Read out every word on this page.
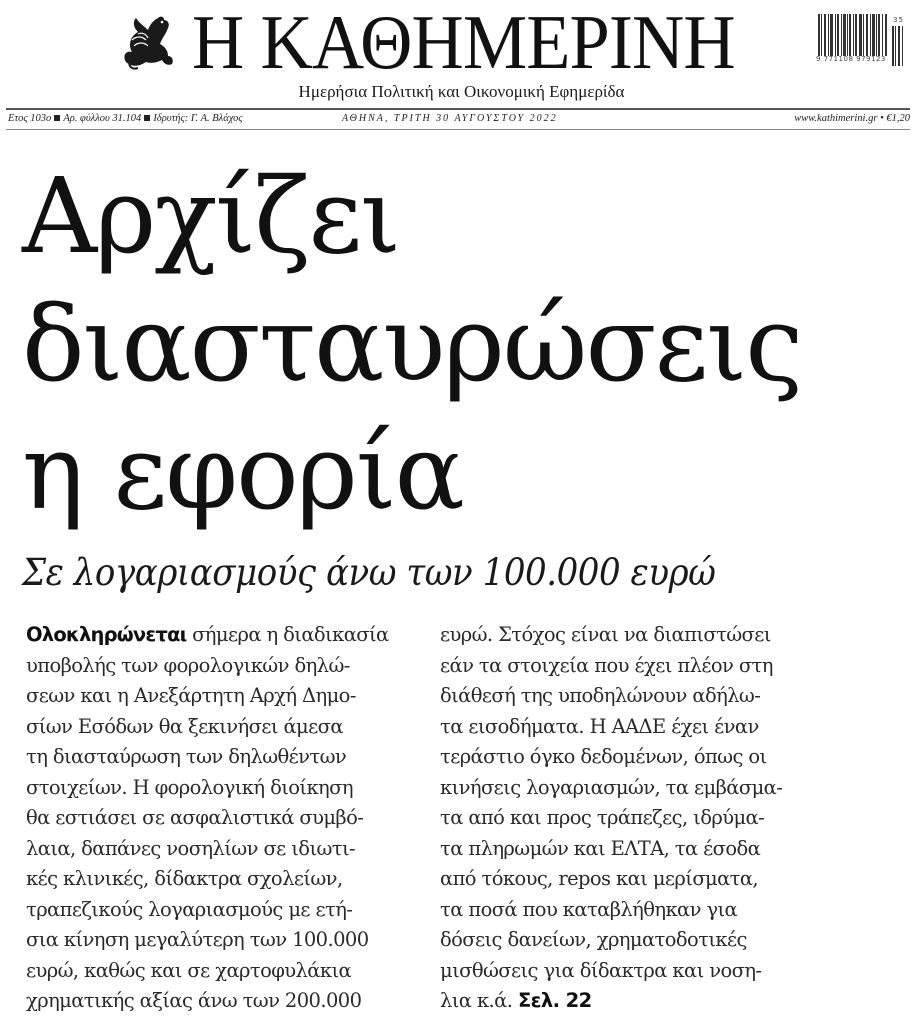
Η ΚΑΘΗΜΕΡΙΝΗ
Ημερήσια Πολιτική και Οικονομική Εφημερίδα
9 771108 979123
35
Ετος 103ο Αρ. φύλλου 31.104 Ιδρυτής: Γ. Α. Βλάχος	ΑΘΗΝΑ, ΤΡΙΤΗ 30 ΑΥΓΟΥΣΤΟΥ 2022	www.kathimerini.gr • €1,20
Αρχίζει
διασταυρώσεις
η εφορία
Σε λογαριασμούς άνω των 100.000 ευρώ
Ολοκληρώνεται σήμερα η διαδικασία
υποβολής των φορολογικών δηλώ-
σεων και η Ανεξάρτητη Αρχή Δημο-
σίων Εσόδων θα ξεκινήσει άμεσα
τη διασταύρωση των δηλωθέντων
στοιχείων. Η φορολογική διοίκηση
θα εστιάσει σε ασφαλιστικά συμβό-
λαια, δαπάνες νοσηλίων σε ιδιωτι-
κές κλινικές, δίδακτρα σχολείων,
τραπεζικούς λογαριασμούς με ετή-
σια κίνηση μεγαλύτερη των 100.000
ευρώ, καθώς και σε χαρτοφυλάκια
χρηματικής αξίας άνω των 200.000
ευρώ. Στόχος είναι να διαπιστώσει
εάν τα στοιχεία που έχει πλέον στη
διάθεσή της υποδηλώνουν αδήλω-
τα εισοδήματα. Η ΑΑΔΕ έχει έναν
τεράστιο όγκο δεδομένων, όπως οι
κινήσεις λογαριασμών, τα εμβάσμα-
τα από και προς τράπεζες, ιδρύμα-
τα πληρωμών και ΕΛΤΑ, τα έσοδα
από τόκους, repos και μερίσματα,
τα ποσά που καταβλήθηκαν για
δόσεις δανείων, χρηματοδοτικές
μισθώσεις για δίδακτρα και νοση-
λια κ.ά. Σελ. 22
